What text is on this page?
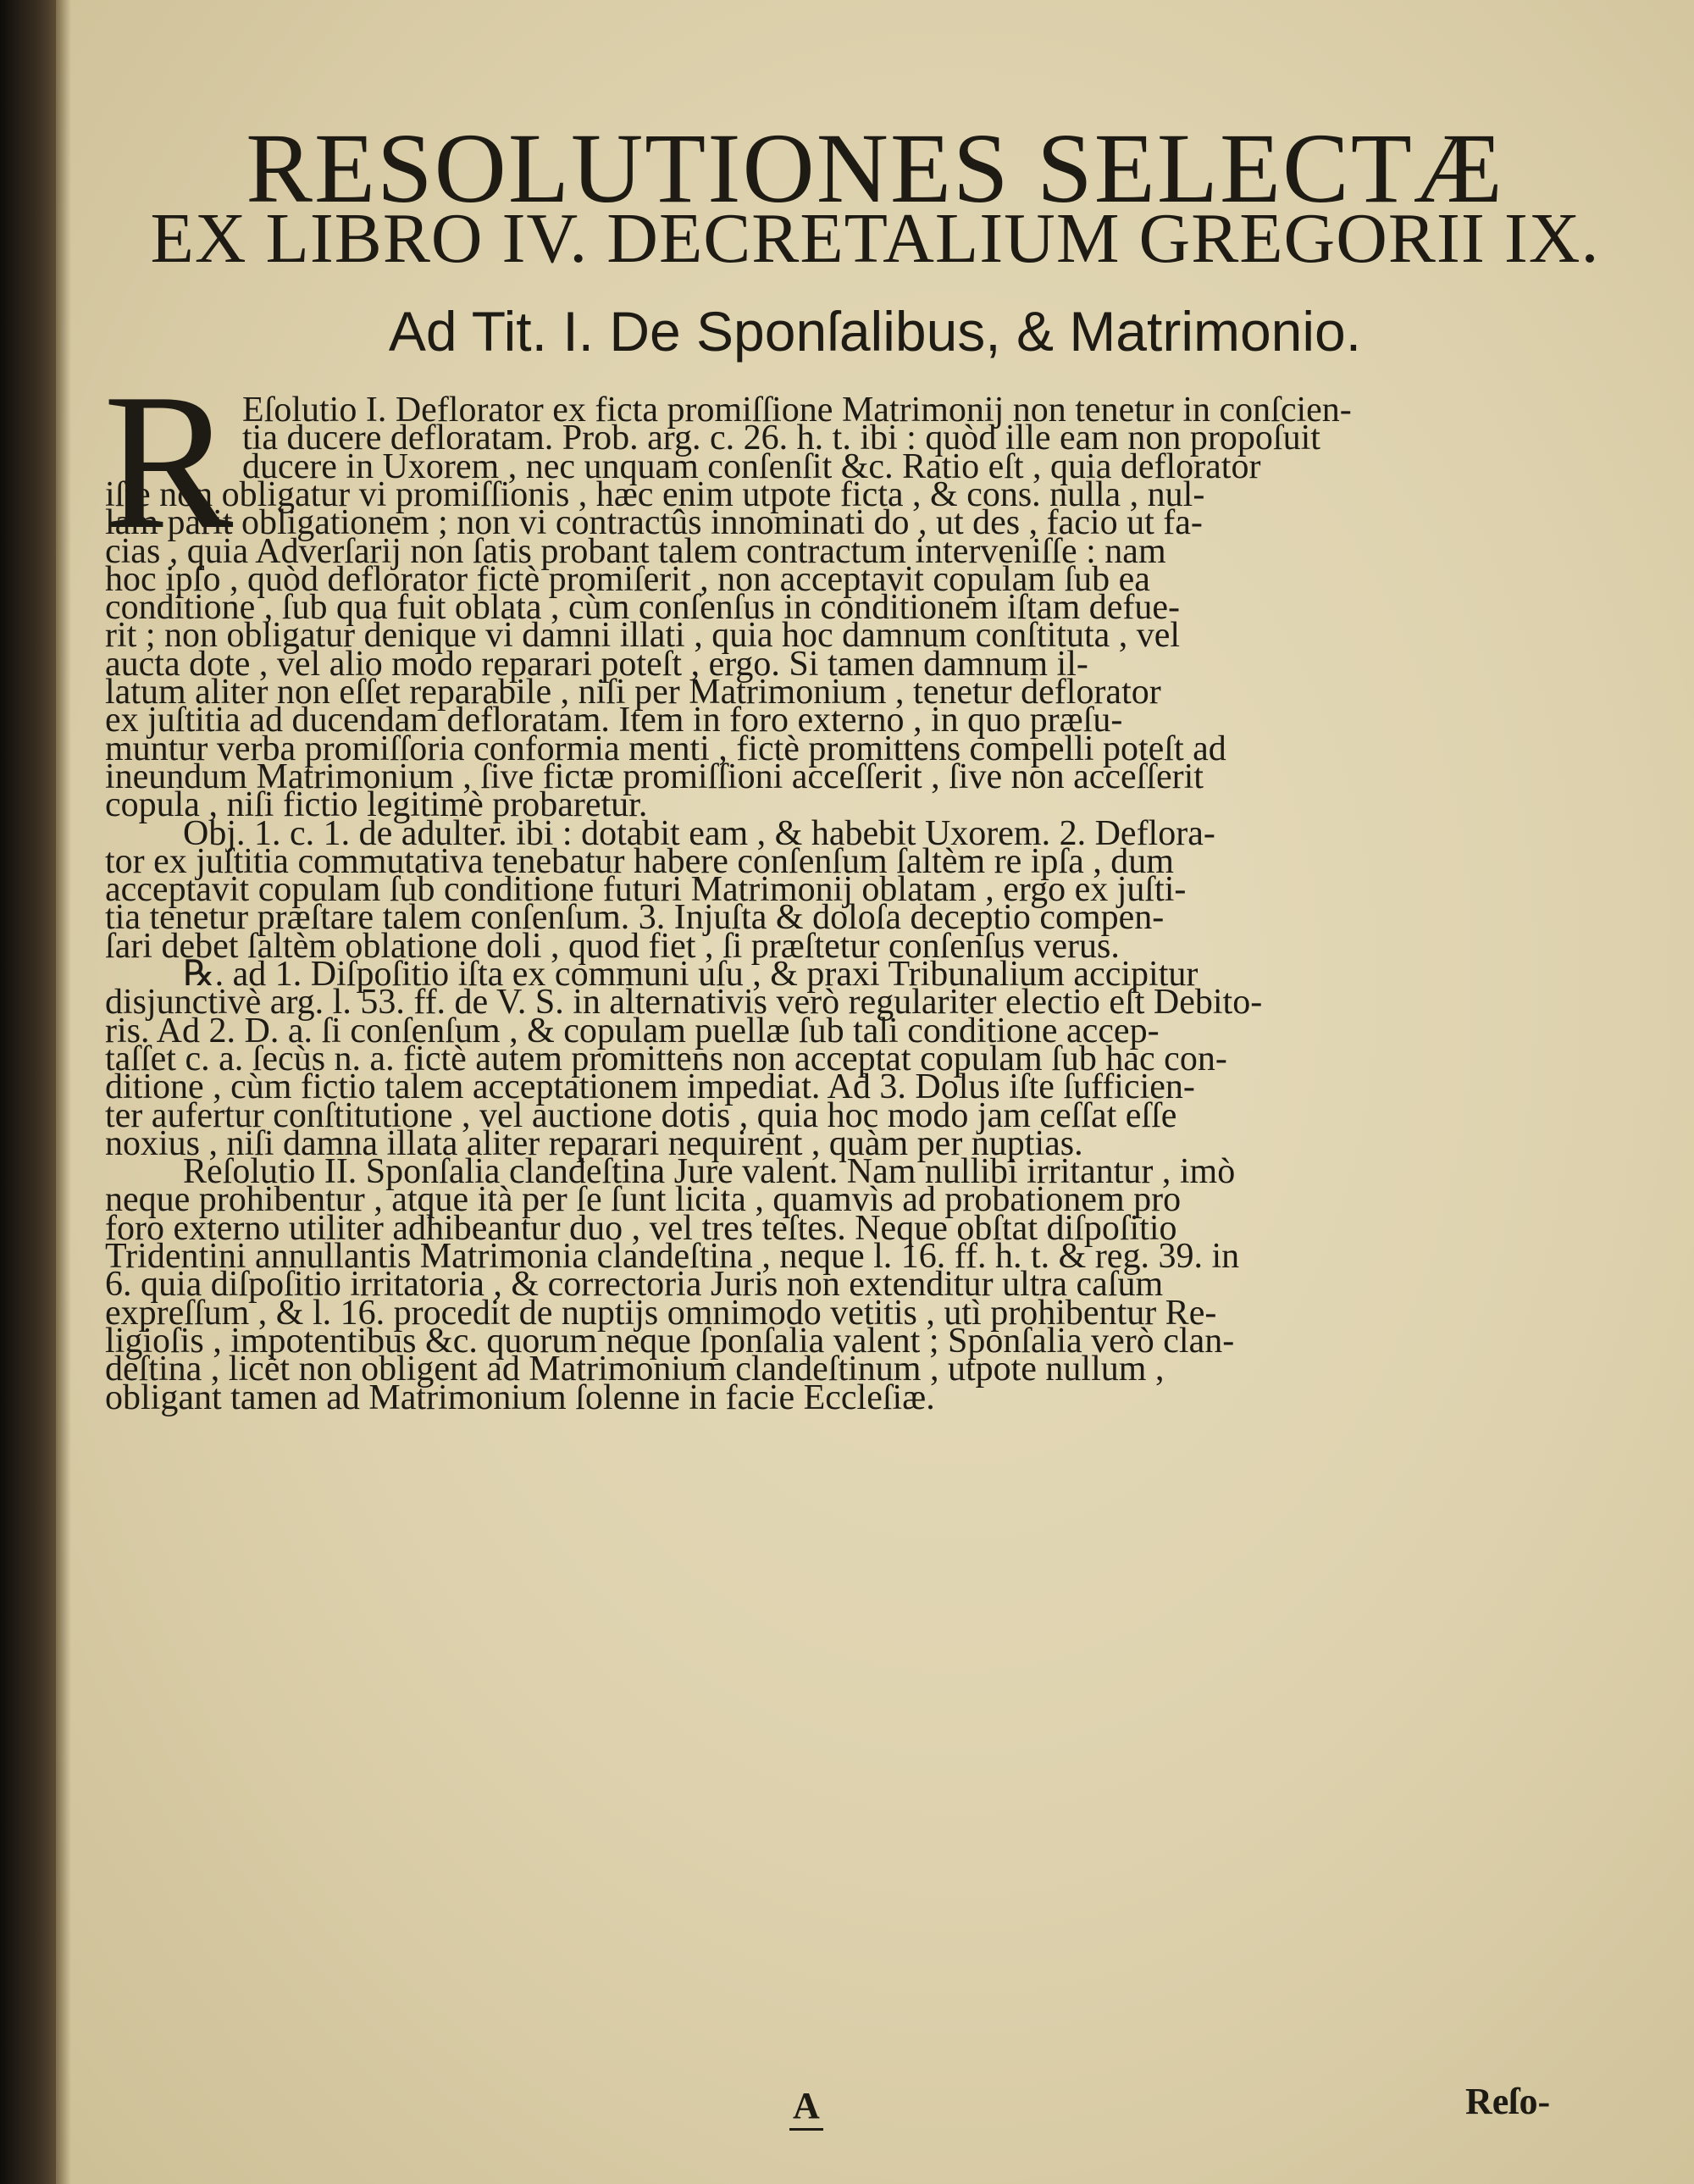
RESOLUTIONES SELECTÆ
EX LIBRO IV. DECRETALIUM GREGORII IX.
Ad Tit. I. De Sponſalibus, & Matrimonio.
R Eſolutio I. Deflorator ex ficta promiſſione Matrimonij non tenetur in conſcien-
tia ducere defloratam. Prob. arg. c. 26. h. t. ibi : quòd ille eam non propoſuit
ducere in Uxorem , nec unquam conſenſit &c. Ratio eſt , quia deflorator
iſte non obligatur vi promiſſionis , hæc enim utpote ficta , & cons. nulla , nul-
lam parit obligationem ; non vi contractûs innominati do , ut des , facio ut fa-
cias , quia Adverſarij non ſatis probant talem contractum interveniſſe : nam
hoc ipſo , quòd deflorator fictè promiſerit , non acceptavit copulam ſub ea
conditione , ſub qua fuit oblata , cùm conſenſus in conditionem iſtam defue-
rit ; non obligatur denique vi damni illati , quia hoc damnum conſtituta , vel
aucta dote , vel alio modo reparari poteſt , ergo. Si tamen damnum il-
latum aliter non eſſet reparabile , niſi per Matrimonium , tenetur deflorator
ex juſtitia ad ducendam defloratam. Item in foro externo , in quo præſu-
muntur verba promiſſoria conformia menti , fictè promittens compelli poteſt ad
ineundum Matrimonium , ſive fictæ promiſſioni acceſſerit , ſive non acceſſerit
copula , niſi fictio legitimè probaretur.
Obj. 1. c. 1. de adulter. ibi : dotabit eam , & habebit Uxorem. 2. Deflora-
tor ex juſtitia commutativa tenebatur habere conſenſum ſaltèm re ipſa , dum
acceptavit copulam ſub conditione futuri Matrimonij oblatam , ergo ex juſti-
tia tenetur præſtare talem conſenſum. 3. Injuſta & doloſa deceptio compen-
ſari debet ſaltèm oblatione doli , quod fiet , ſi præſtetur conſenſus verus.
℞. ad 1. Diſpoſitio iſta ex communi uſu , & praxi Tribunalium accipitur
disjunctivè arg. l. 53. ff. de V. S. in alternativis verò regulariter electio eſt Debito-
ris. Ad 2. D. a. ſi conſenſum , & copulam puellæ ſub tali conditione accep-
taſſet c. a. ſecùs n. a. fictè autem promittens non acceptat copulam ſub hac con-
ditione , cùm fictio talem acceptationem impediat. Ad 3. Dolus iſte ſufficien-
ter aufertur conſtitutione , vel auctione dotis , quia hoc modo jam ceſſat eſſe
noxius , niſi damna illata aliter reparari nequirent , quàm per nuptias.
Reſolutio II. Sponſalia clandeſtina Jure valent. Nam nullibi irritantur , imò
neque prohibentur , atque ità per ſe ſunt licita , quamvìs ad probationem pro
foro externo utiliter adhibeantur duo , vel tres teſtes. Neque obſtat diſpoſitio
Tridentini annullantis Matrimonia clandeſtina , neque l. 16. ff. h. t. & reg. 39. in
6. quia diſpoſitio irritatoria , & correctoria Juris non extenditur ultra caſum
expreſſum , & l. 16. procedit de nuptijs omnimodo vetitis , utì prohibentur Re-
ligioſis , impotentibus &c. quorum neque ſponſalia valent ; Sponſalia verò clan-
deſtina , licèt non obligent ad Matrimonium clandeſtinum , utpote nullum ,
obligant tamen ad Matrimonium ſolenne in facie Eccleſiæ.
A	Reſo-
